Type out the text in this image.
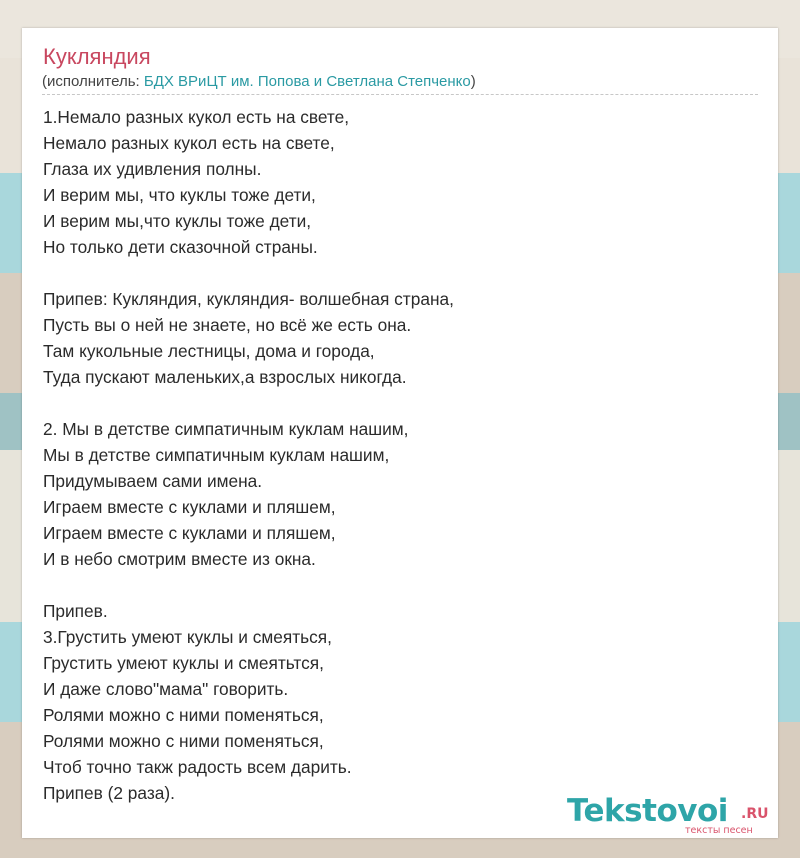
Кукляндия
(исполнитель: БДХ ВРиЦТ им. Попова и Светлана Степченко)
1.Немало разных кукол есть на свете,
Немало разных кукол есть на свете,
Глаза их удивления полны.
И верим мы, что куклы тоже дети,
И верим мы,что куклы тоже дети,
Но только дети сказочной страны.
Припев: Кукляндия, кукляндия- волшебная страна,
Пусть вы о ней не знаете, но всё же есть она.
Там кукольные лестницы, дома и города,
Туда пускают маленьких,а взрослых никогда.
2. Мы в детстве симпатичным куклам нашим,
Мы в детстве симпатичным куклам нашим,
Придумываем сами имена.
Играем вместе с куклами и пляшем,
Играем вместе с куклами и пляшем,
И в небо смотрим вместе из окна.
Припев.
3.Грустить умеют куклы и смеяться,
Грустить умеют куклы и смеятьтся,
И даже слово"мама" говорить.
Ролями можно с ними поменяться,
Ролями можно с ними поменяться,
Чтоб точно такж радость всем дарить.
Припев (2 раза).	Tekstovoi .RU
тексты песен
